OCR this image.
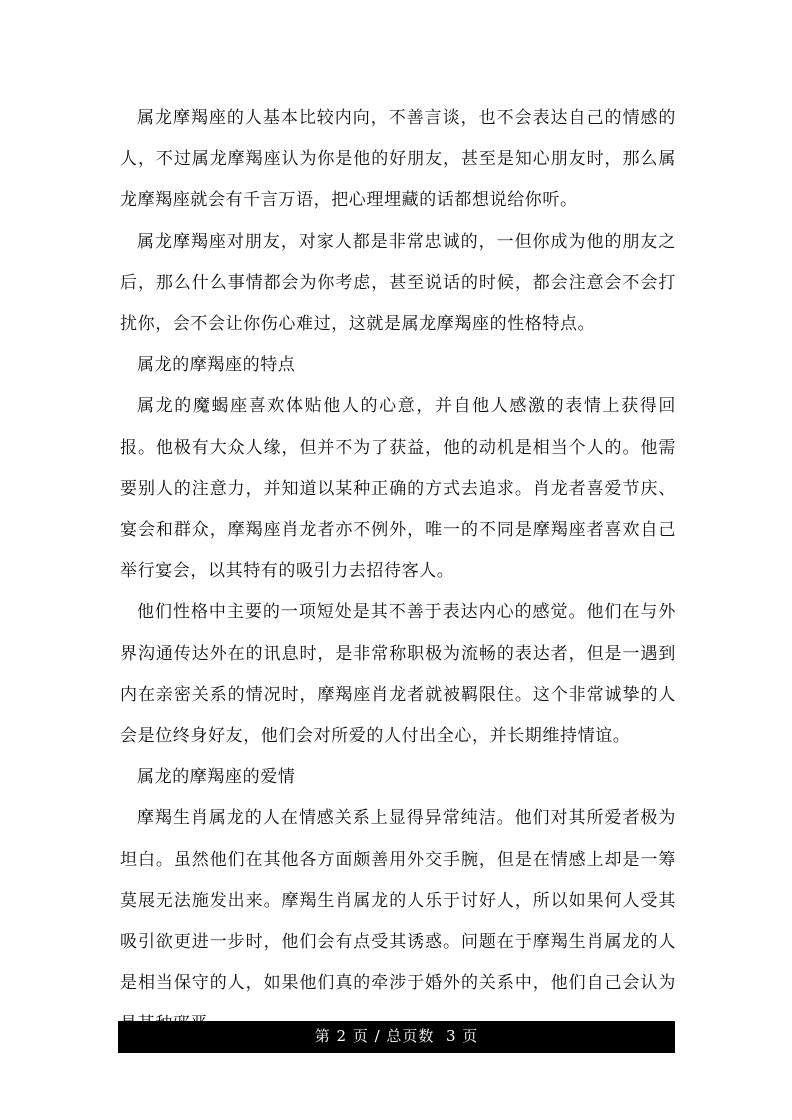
属龙摩羯座的人基本比较内向，不善言谈，也不会表达自己的情感的人，不过属龙摩羯座认为你是他的好朋友，甚至是知心朋友时，那么属龙摩羯座就会有千言万语，把心理埋藏的话都想说给你听。

属龙摩羯座对朋友，对家人都是非常忠诚的，一但你成为他的朋友之后，那么什么事情都会为你考虑，甚至说话的时候，都会注意会不会打扰你，会不会让你伤心难过，这就是属龙摩羯座的性格特点。

属龙的摩羯座的特点

属龙的魔蝎座喜欢体贴他人的心意，并自他人感激的表情上获得回报。他极有大众人缘，但并不为了获益，他的动机是相当个人的。他需要别人的注意力，并知道以某种正确的方式去追求。肖龙者喜爱节庆、宴会和群众，摩羯座肖龙者亦不例外，唯一的不同是摩羯座者喜欢自己举行宴会，以其特有的吸引力去招待客人。

他们性格中主要的一项短处是其不善于表达内心的感觉。他们在与外界沟通传达外在的讯息时，是非常称职极为流畅的表达者，但是一遇到内在亲密关系的情况时，摩羯座肖龙者就被羁限住。这个非常诚挚的人会是位终身好友，他们会对所爱的人付出全心，并长期维持情谊。

属龙的摩羯座的爱情

摩羯生肖属龙的人在情感关系上显得异常纯洁。他们对其所爱者极为坦白。虽然他们在其他各方面颇善用外交手腕，但是在情感上却是一筹莫展无法施发出来。摩羯生肖属龙的人乐于讨好人，所以如果何人受其吸引欲更进一步时，他们会有点受其诱惑。问题在于摩羯生肖属龙的人是相当保守的人，如果他们真的牵涉于婚外的关系中，他们自己会认为

第 2 页 / 总页数  3 页
